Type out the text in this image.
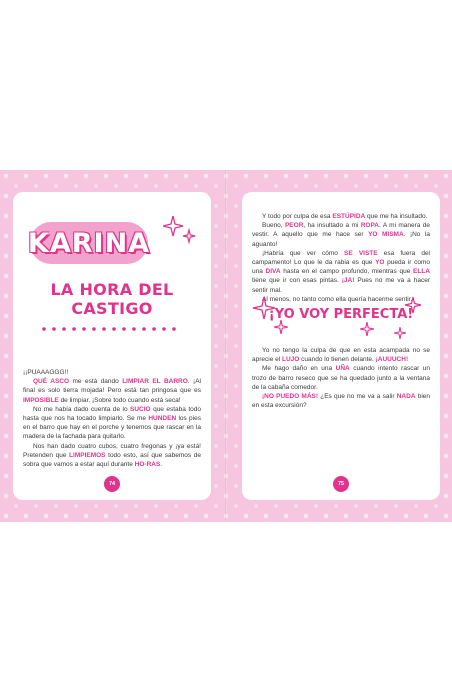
KARINA
LA HORA DEL
CASTIGO

¡¡PUAAAGGG!!

QUÉ ASCO me está dando LIMPIAR EL BARRO. ¡Al final es solo tierra mojada! Pero está tan pringosa que es IMPOSIBLE de limpiar. ¡Sobre todo cuando está seca!

No me había dado cuenta de lo SUCIO que estaba todo hasta que nos ha tocado limpiarlo. Se me HUNDEN los pies en el barro que hay en el porche y tenemos que rascar en la madera de la fachada para quitarlo.

Nos han dado cuatro cubos, cuatro fregonas y ¡ya está! Pretenden que LIMPIEMOS todo esto, así que sabemos de sobra que vamos a estar aquí durante HO-RAS.

74

Y todo por culpa de esa ESTÚPIDA que me ha insultado.

Bueno, PEOR, ha insultado a mi ROPA. A mi manera de vestir. A aquello que me hace ser YO MISMA. ¡No la aguanto!

¡Habría que ver cómo SE VISTE esa fuera del campamento! Lo que le da rabia es que YO pueda ir como una DIVA hasta en el campo profundo, mientras que ELLA tiene que ir con esas pintas. ¡JA! Pues no me va a hacer sentir mal.

Al menos, no tanto como ella quería hacerme sentir.

¡YO VOY PERFECTA!

Yo no tengo la culpa de que en esta acampada no se aprecie el LUJO cuando lo tienen delante. ¡AUUUCH!

Me hago daño en una UÑA cuando intento rascar un trozo de barro reseco que se ha quedado junto a la ventana de la cabaña comedor.

¡NO PUEDO MÁS! ¿Es que no me va a salir NADA bien en esta excursión?

75
